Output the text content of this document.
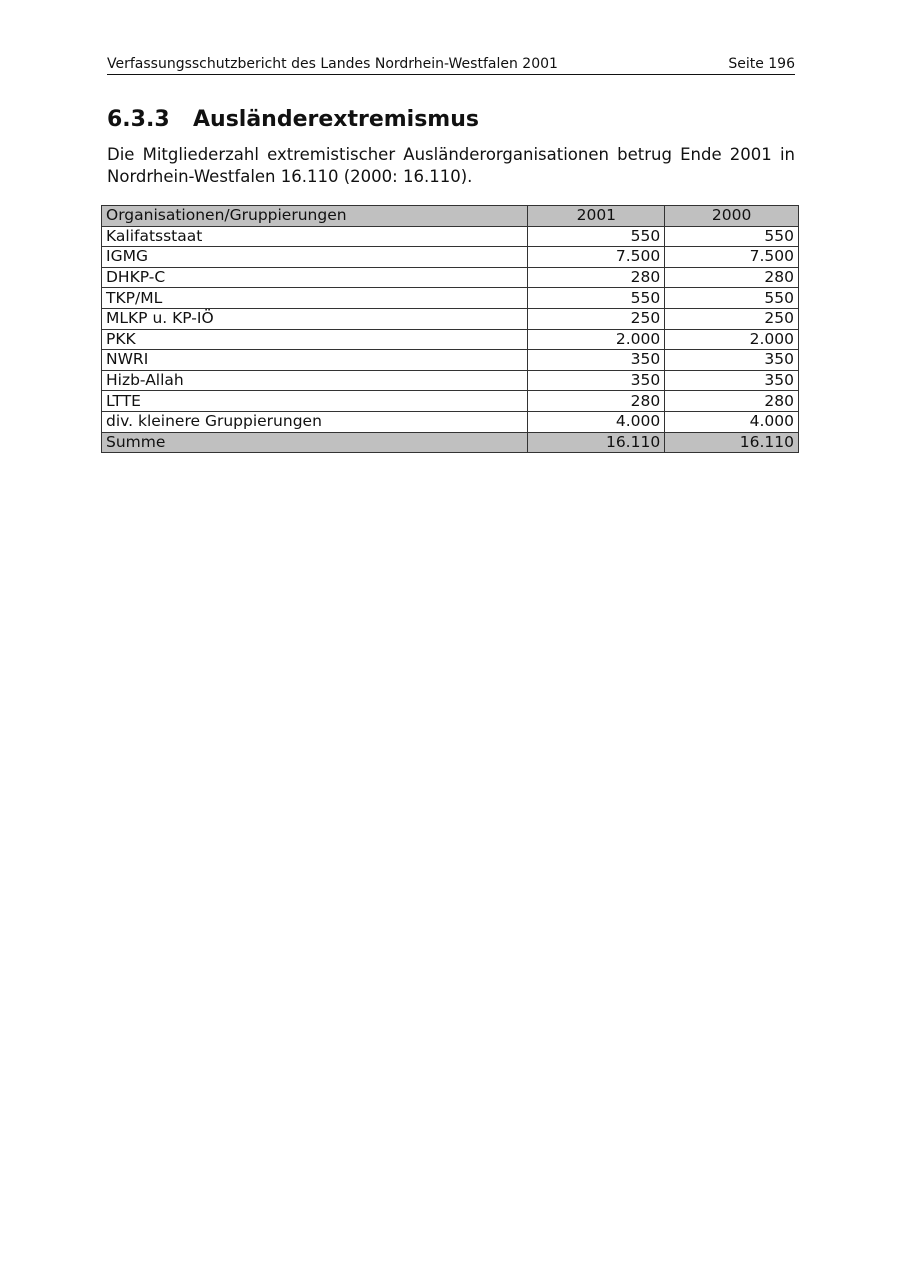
Verfassungsschutzbericht des Landes Nordrhein-Westfalen 2001	Seite 196
6.3.3 Ausländerextremismus
Die Mitgliederzahl extremistischer Ausländerorganisationen betrug Ende 2001 in Nordrhein-Westfalen 16.110 (2000: 16.110).
Organisationen/Gruppierungen	2001	2000
Kalifatsstaat	550	550
IGMG	7.500	7.500
DHKP-C	280	280
TKP/ML	550	550
MLKP u. KP-IÖ	250	250
PKK	2.000	2.000
NWRI	350	350
Hizb-Allah	350	350
LTTE	280	280
div. kleinere Gruppierungen	4.000	4.000
Summe	16.110	16.110
